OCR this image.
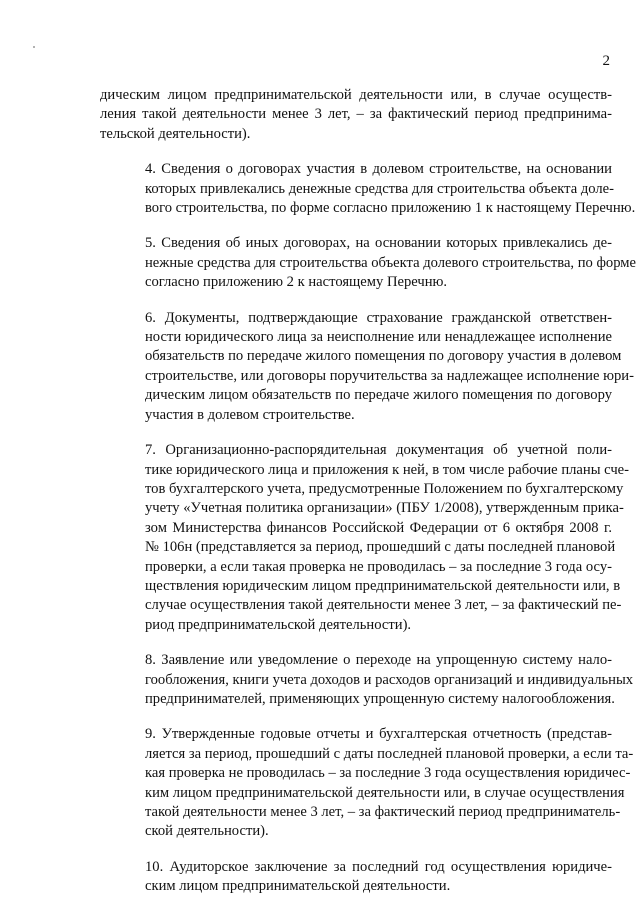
2

дическим лицом предпринимательской деятельности или, в случае осуществ-
ления такой деятельности менее 3 лет, – за фактический период предпринима-
тельской деятельности).

4. Сведения о договорах участия в долевом строительстве, на основании
которых привлекались денежные средства для строительства объекта доле-
вого строительства, по форме согласно приложению 1 к настоящему Перечню.

5. Сведения об иных договорах, на основании которых привлекались де-
нежные средства для строительства объекта долевого строительства, по форме
согласно приложению 2 к настоящему Перечню.

6. Документы, подтверждающие страхование гражданской ответствен-
ности юридического лица за неисполнение или ненадлежащее исполнение
обязательств по передаче жилого помещения по договору участия в долевом
строительстве, или договоры поручительства за надлежащее исполнение юри-
дическим лицом обязательств по передаче жилого помещения по договору
участия в долевом строительстве.

7. Организационно-распорядительная документация об учетной поли-
тике юридического лица и приложения к ней, в том числе рабочие планы сче-
тов бухгалтерского учета, предусмотренные Положением по бухгалтерскому
учету «Учетная политика организации» (ПБУ 1/2008), утвержденным прика-
зом Министерства финансов Российской Федерации от 6 октября 2008 г.
№ 106н (представляется за период, прошедший с даты последней плановой
проверки, а если такая проверка не проводилась – за последние 3 года осу-
ществления юридическим лицом предпринимательской деятельности или, в
случае осуществления такой деятельности менее 3 лет, – за фактический пе-
риод предпринимательской деятельности).

8. Заявление или уведомление о переходе на упрощенную систему нало-
гообложения, книги учета доходов и расходов организаций и индивидуальных
предпринимателей, применяющих упрощенную систему налогообложения.

9. Утвержденные годовые отчеты и бухгалтерская отчетность (представ-
ляется за период, прошедший с даты последней плановой проверки, а если та-
кая проверка не проводилась – за последние 3 года осуществления юридичес-
ким лицом предпринимательской деятельности или, в случае осуществления
такой деятельности менее 3 лет, – за фактический период предприниматель-
ской деятельности).

10. Аудиторское заключение за последний год осуществления юридиче-
ским лицом предпринимательской деятельности.
